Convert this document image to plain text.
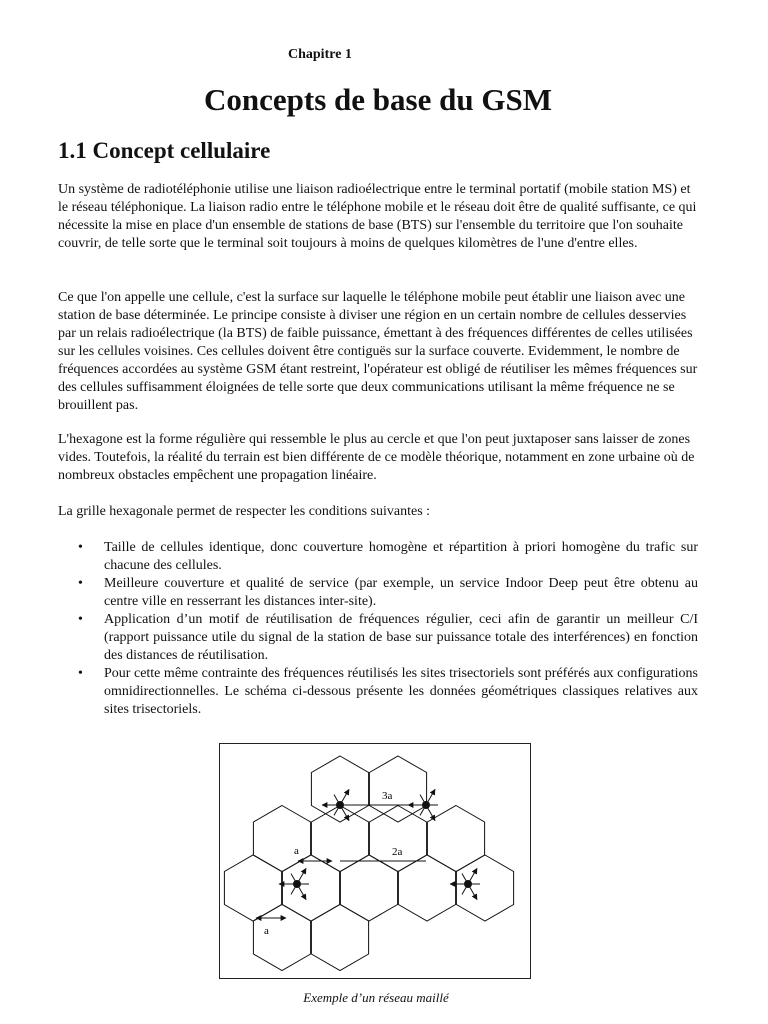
Chapitre 1
Concepts de base du GSM
1.1 Concept cellulaire

Un système de radiotéléphonie utilise une liaison radioélectrique entre le terminal portatif (mobile station MS) et le réseau téléphonique. La liaison radio entre le téléphone mobile et le réseau doit être de qualité suffisante, ce qui nécessite la mise en place d'un ensemble de stations de base (BTS) sur l'ensemble du territoire que l'on souhaite couvrir, de telle sorte que le terminal soit toujours à moins de quelques kilomètres de l'une d'entre elles.

Ce que l'on appelle une cellule, c'est la surface sur laquelle le téléphone mobile peut établir une liaison avec une station de base déterminée. Le principe consiste à diviser une région en un certain nombre de cellules desservies par un relais radioélectrique (la BTS) de faible puissance, émettant à des fréquences différentes de celles utilisées sur les cellules voisines. Ces cellules doivent être contiguës sur la surface couverte. Evidemment, le nombre de fréquences accordées au système GSM étant restreint, l'opérateur est obligé de réutiliser les mêmes fréquences sur des cellules suffisamment éloignées de telle sorte que deux communications utilisant la même fréquence ne se brouillent pas.

L'hexagone est la forme régulière qui ressemble le plus au cercle et que l'on peut juxtaposer sans laisser de zones vides. Toutefois, la réalité du terrain est bien différente de ce modèle théorique, notamment en zone urbaine où de nombreux obstacles empêchent une propagation linéaire.

La grille hexagonale permet de respecter les conditions suivantes :

• Taille de cellules identique, donc couverture homogène et répartition à priori homogène du trafic sur chacune des cellules.
• Meilleure couverture et qualité de service (par exemple, un service Indoor Deep peut être obtenu au centre ville en resserrant les distances inter-site).
• Application d’un motif de réutilisation de fréquences régulier, ceci afin de garantir un meilleur C/I (rapport puissance utile du signal de la station de base sur puissance totale des interférences) en fonction des distances de réutilisation.
• Pour cette même contrainte des fréquences réutilisés les sites trisectoriels sont préférés aux configurations omnidirectionnelles. Le schéma ci-dessous présente les données géométriques classiques relatives aux sites trisectoriels.
3a
2a
a
a
Exemple d’un réseau maillé
